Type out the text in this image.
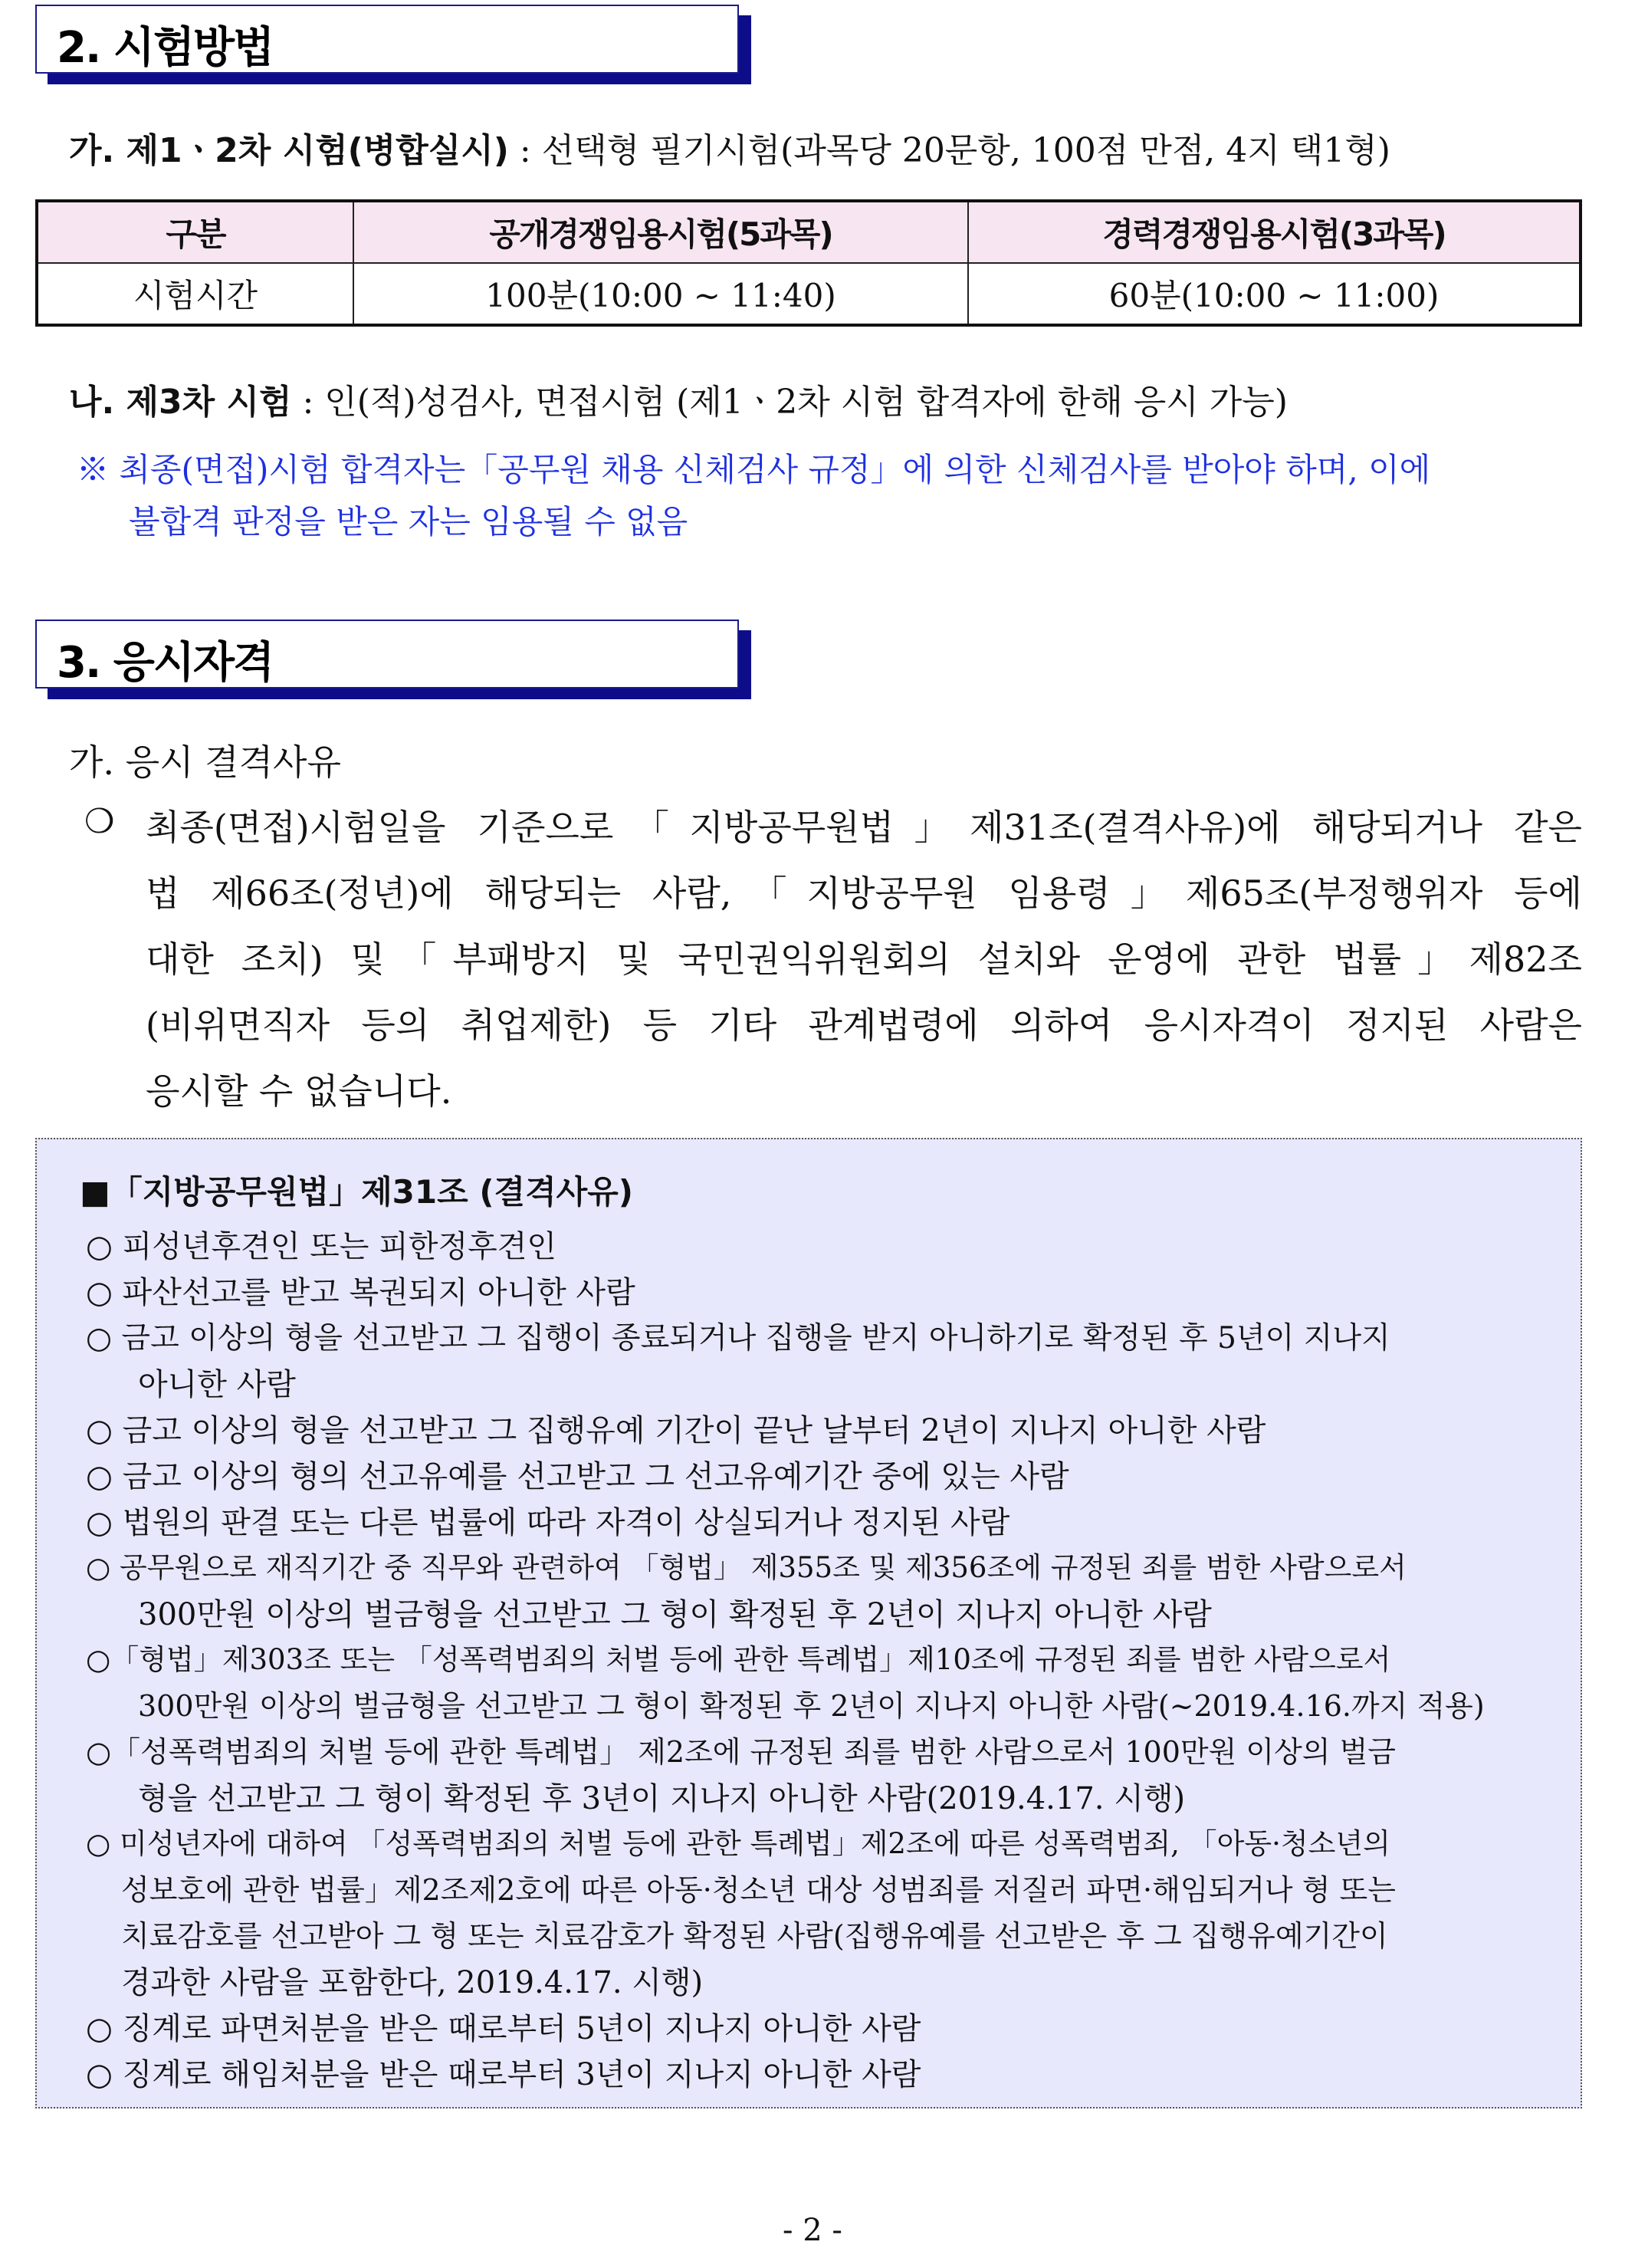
2. 시험방법
가. 제1ㆍ2차 시험(병합실시) : 선택형 필기시험(과목당 20문항, 100점 만점, 4지 택1형)
구분	공개경쟁임용시험(5과목)	경력경쟁임용시험(3과목)
시험시간	100분(10:00 ~ 11:40)	60분(10:00 ~ 11:00)
나. 제3차 시험 : 인(적)성검사, 면접시험 (제1ㆍ2차 시험 합격자에 한해 응시 가능)
※ 최종(면접)시험 합격자는「공무원 채용 신체검사 규정」에 의한 신체검사를 받아야 하며, 이에
불합격 판정을 받은 자는 임용될 수 없음
3. 응시자격
가. 응시 결격사유
❍ 최종(면접)시험일을 기준으로「지방공무원법」제31조(결격사유)에 해당되거나 같은
법 제66조(정년)에 해당되는 사람,「지방공무원 임용령」제65조(부정행위자 등에
대한 조치) 및「부패방지 및 국민권익위원회의 설치와 운영에 관한 법률」제82조
(비위면직자 등의 취업제한) 등 기타 관계법령에 의하여 응시자격이 정지된 사람은
응시할 수 없습니다.
■「지방공무원법」제31조 (결격사유)
○ 피성년후견인 또는 피한정후견인
○ 파산선고를 받고 복권되지 아니한 사람
○ 금고 이상의 형을 선고받고 그 집행이 종료되거나 집행을 받지 아니하기로 확정된 후 5년이 지나지
아니한 사람
○ 금고 이상의 형을 선고받고 그 집행유예 기간이 끝난 날부터 2년이 지나지 아니한 사람
○ 금고 이상의 형의 선고유예를 선고받고 그 선고유예기간 중에 있는 사람
○ 법원의 판결 또는 다른 법률에 따라 자격이 상실되거나 정지된 사람
○ 공무원으로 재직기간 중 직무와 관련하여 「형법」 제355조 및 제356조에 규정된 죄를 범한 사람으로서
300만원 이상의 벌금형을 선고받고 그 형이 확정된 후 2년이 지나지 아니한 사람
○「형법」제303조 또는 「성폭력범죄의 처벌 등에 관한 특례법」제10조에 규정된 죄를 범한 사람으로서
300만원 이상의 벌금형을 선고받고 그 형이 확정된 후 2년이 지나지 아니한 사람(~2019.4.16.까지 적용)
○「성폭력범죄의 처벌 등에 관한 특례법」 제2조에 규정된 죄를 범한 사람으로서 100만원 이상의 벌금
형을 선고받고 그 형이 확정된 후 3년이 지나지 아니한 사람(2019.4.17. 시행)
○ 미성년자에 대하여 「성폭력범죄의 처벌 등에 관한 특례법」제2조에 따른 성폭력범죄, 「아동·청소년의
성보호에 관한 법률」제2조제2호에 따른 아동·청소년 대상 성범죄를 저질러 파면·해임되거나 형 또는
치료감호를 선고받아 그 형 또는 치료감호가 확정된 사람(집행유예를 선고받은 후 그 집행유예기간이
경과한 사람을 포함한다, 2019.4.17. 시행)
○ 징계로 파면처분을 받은 때로부터 5년이 지나지 아니한 사람
○ 징계로 해임처분을 받은 때로부터 3년이 지나지 아니한 사람
- 2 -
